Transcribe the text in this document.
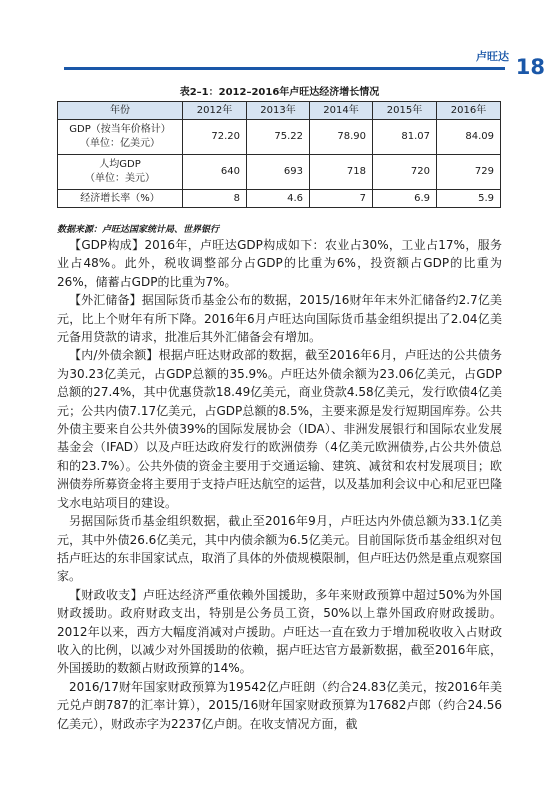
卢旺达 18
表2–1：2012–2016年卢旺达经济增长情况
年份	2012年	2013年	2014年	2015年	2016年
GDP（按当年价格计）
（单位：亿美元）	72.20	75.22	78.90	81.07	84.09
人均GDP
（单位：美元）	640	693	718	720	729
经济增长率（%）	8	4.6	7	6.9	5.9
数据来源：卢旺达国家统计局、世界银行

【GDP构成】2016年，卢旺达GDP构成如下：农业占30%，工业占17%，服务业占48%。此外，税收调整部分占GDP的比重为6%，投资额占GDP的比重为26%，储蓄占GDP的比重为7%。

【外汇储备】据国际货币基金公布的数据，2015/16财年年末外汇储备约2.7亿美元，比上个财年有所下降。2016年6月卢旺达向国际货币基金组织提出了2.04亿美元备用贷款的请求，批准后其外汇储备会有增加。

【内/外债余额】根据卢旺达财政部的数据，截至2016年6月，卢旺达的公共债务为30.23亿美元，占GDP总额的35.9%。卢旺达外债余额为23.06亿美元，占GDP总额的27.4%，其中优惠贷款18.49亿美元，商业贷款4.58亿美元，发行欧债4亿美元；公共内债7.17亿美元，占GDP总额的8.5%，主要来源是发行短期国库券。公共外债主要来自公共外债39%的国际发展协会（IDA）、非洲发展银行和国际农业发展基金会（IFAD）以及卢旺达政府发行的欧洲债券（4亿美元欧洲债券,占公共外债总和的23.7%）。公共外债的资金主要用于交通运输、建筑、减贫和农村发展项目；欧洲债券所募资金将主要用于支持卢旺达航空的运营，以及基加利会议中心和尼亚巴隆戈水电站项目的建设。

另据国际货币基金组织数据，截止至2016年9月，卢旺达内外债总额为33.1亿美元，其中外债26.6亿美元，其中内债余额为6.5亿美元。目前国际货币基金组织对包括卢旺达的东非国家试点，取消了具体的外债规模限制，但卢旺达仍然是重点观察国家。

【财政收支】卢旺达经济严重依赖外国援助，多年来财政预算中超过50%为外国财政援助。政府财政支出，特别是公务员工资，50%以上靠外国政府财政援助。2012年以来，西方大幅度消减对卢援助。卢旺达一直在致力于增加税收收入占财政收入的比例，以减少对外国援助的依赖，据卢旺达官方最新数据，截至2016年底，外国援助的数额占财政预算的14%。

2016/17财年国家财政预算为19542亿卢旺朗（约合24.83亿美元，按2016年美元兑卢朗787的汇率计算），2015/16财年国家财政预算为17682卢郎（约合24.56亿美元），财政赤字为2237亿卢朗。在收支情况方面，截
